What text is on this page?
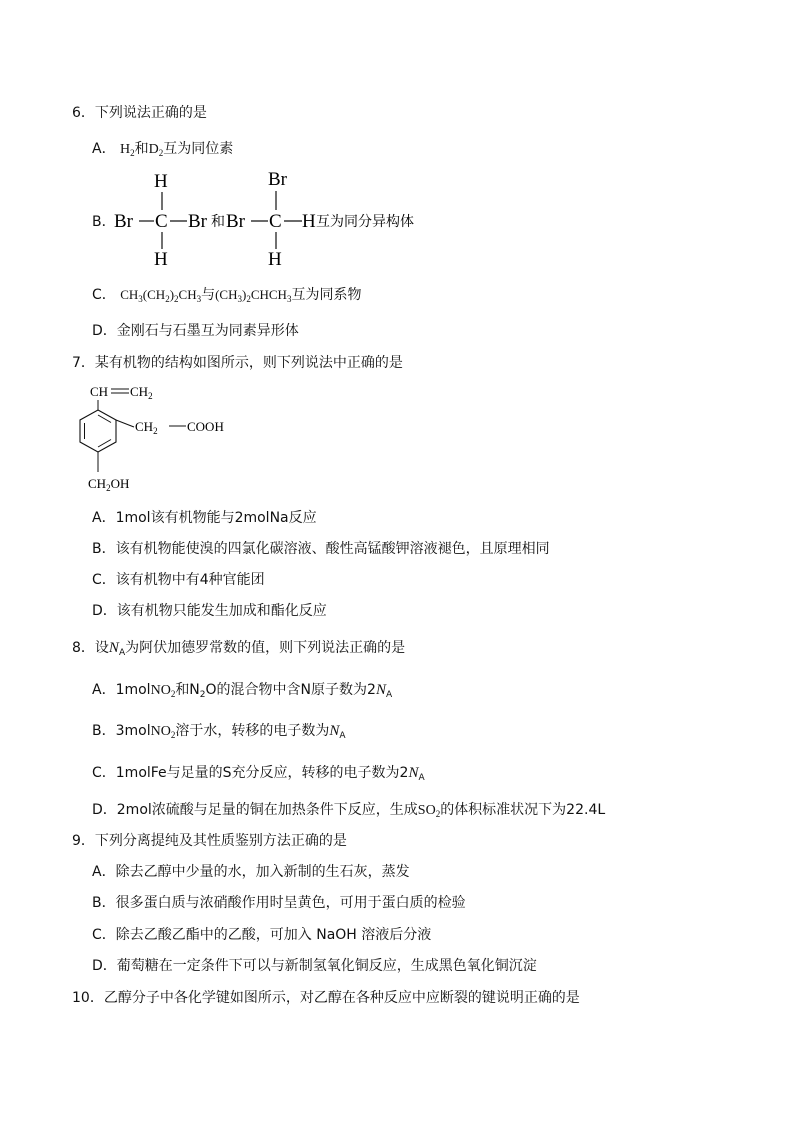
6．下列说法正确的是
A． $H_2$和$D_2$互为同位素
B．
H
Br C Br
H
和
Br
Br C H
H
互为同分异构体
C． $CH_3(CH_2)_2CH_3$与$(CH_3)_2CHCH_3$互为同系物
D．金刚石与石墨互为同素异形体
7．某有机物的结构如图所示，则下列说法中正确的是
CH $CH_2$
$CH_2$ COOH
$CH_2OH$
A．1mol该有机物能与2molNa反应
B．该有机物能使溴的四氯化碳溶液、酸性高锰酸钾溶液褪色，且原理相同
C．该有机物中有4种官能团
D．该有机物只能发生加成和酯化反应
8．设$N_A$为阿伏加德罗常数的值，则下列说法正确的是
A．1molNO$_2$和$N_2O$的混合物中含N原子数为$2N_A$
B．3molNO$_2$溶于水，转移的电子数为$N_A$
C．1molFe与足量的S充分反应，转移的电子数为$2N_A$
D．2mol浓硫酸与足量的铜在加热条件下反应，生成$SO_2$的体积标准状况下为22.4L
9．下列分离提纯及其性质鉴别方法正确的是
A．除去乙醇中少量的水，加入新制的生石灰，蒸发
B．很多蛋白质与浓硝酸作用时呈黄色，可用于蛋白质的检验
C．除去乙酸乙酯中的乙酸，可加入 NaOH 溶液后分液
D．葡萄糖在一定条件下可以与新制氢氧化铜反应，生成黑色氧化铜沉淀
10．乙醇分子中各化学键如图所示，对乙醇在各种反应中应断裂的键说明正确的是
